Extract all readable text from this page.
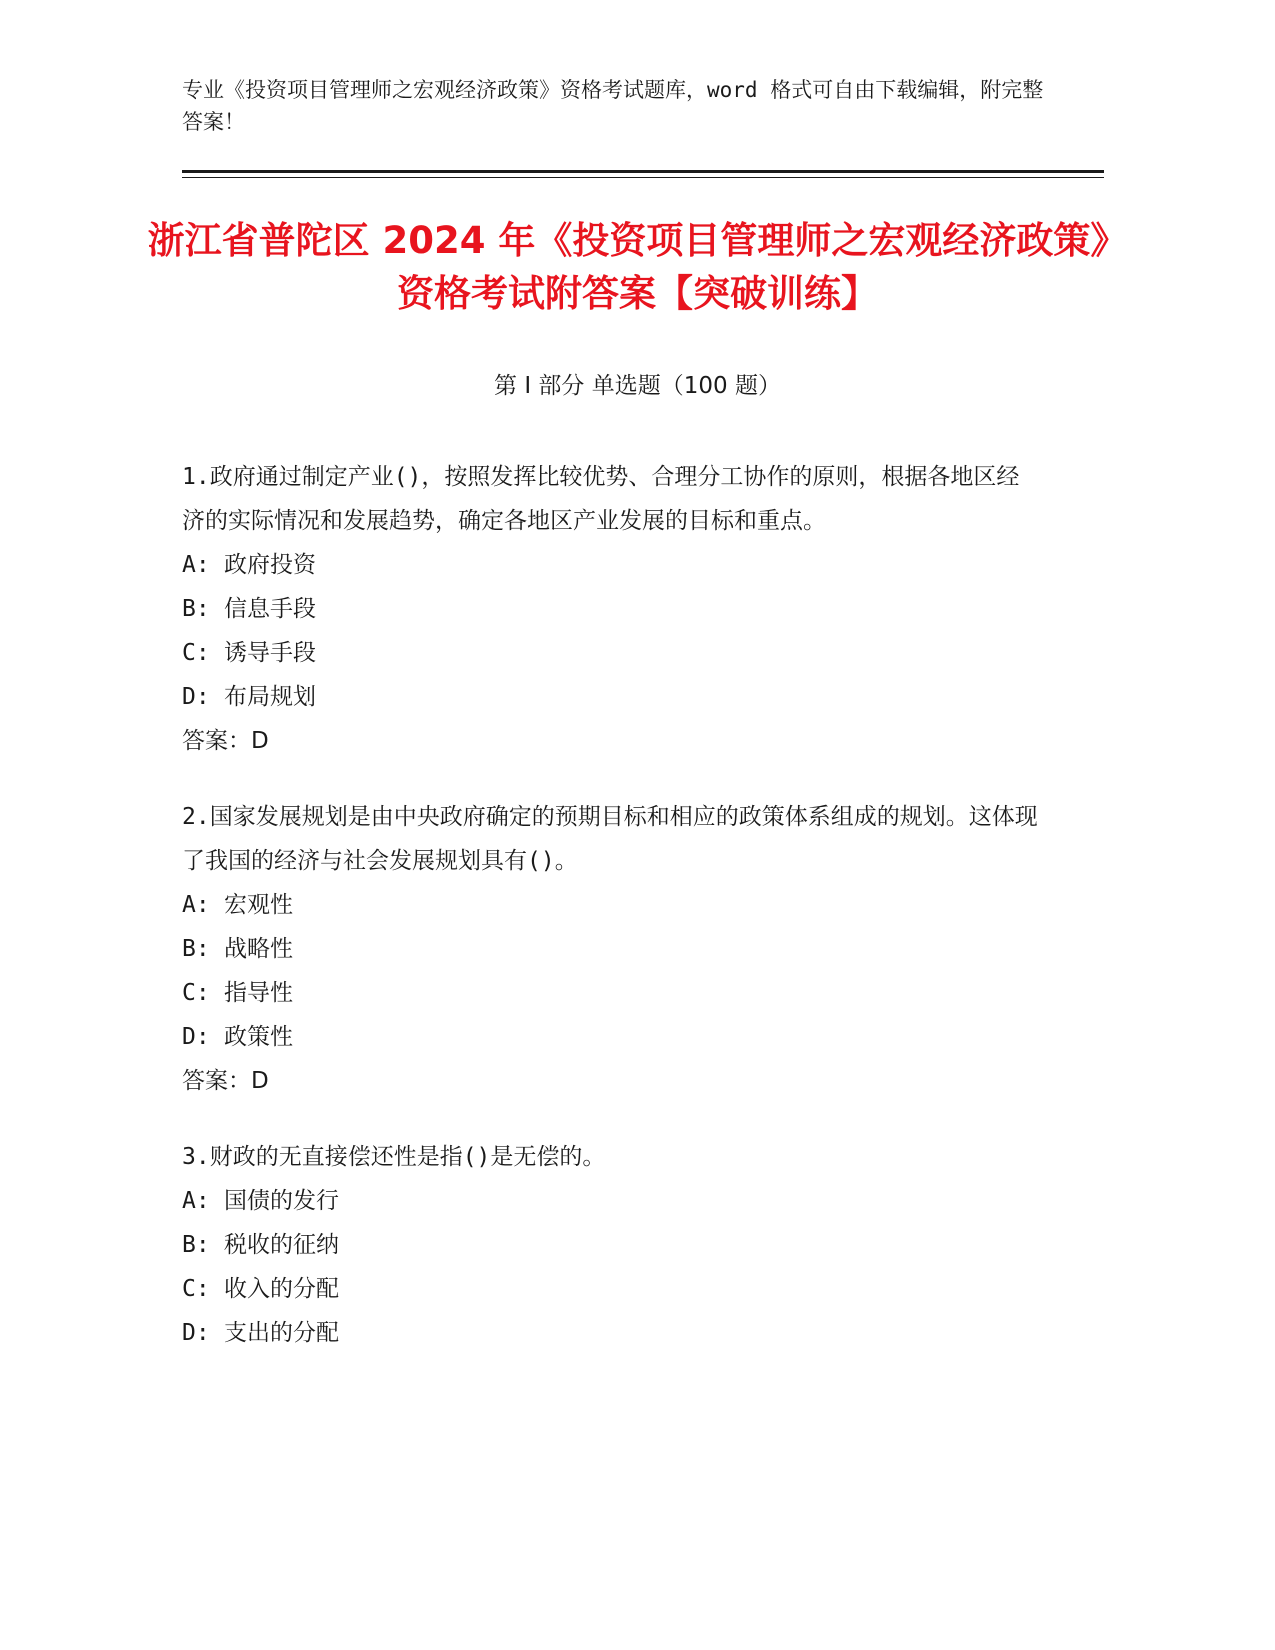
专业《投资项目管理师之宏观经济政策》资格考试题库，word 格式可自由下载编辑，附完整答案！
浙江省普陀区 2024 年《投资项目管理师之宏观经济政策》资格考试附答案【突破训练】
第 I 部分 单选题（100 题）
1.政府通过制定产业()，按照发挥比较优势、合理分工协作的原则，根据各地区经济的实际情况和发展趋势，确定各地区产业发展的目标和重点。
A: 政府投资
B: 信息手段
C: 诱导手段
D: 布局规划
答案：D
2.国家发展规划是由中央政府确定的预期目标和相应的政策体系组成的规划。这体现了我国的经济与社会发展规划具有()。
A: 宏观性
B: 战略性
C: 指导性
D: 政策性
答案：D
3.财政的无直接偿还性是指()是无偿的。
A: 国债的发行
B: 税收的征纳
C: 收入的分配
D: 支出的分配
